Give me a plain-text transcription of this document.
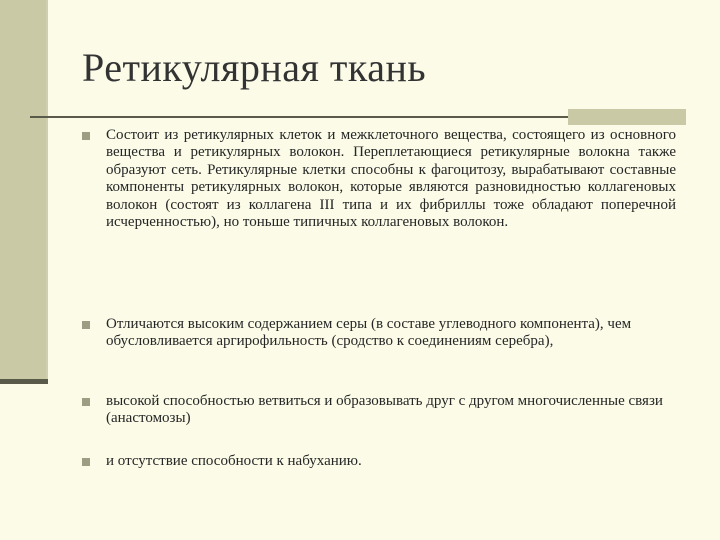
Ретикулярная ткань

Состоит из ретикулярных клеток и межклеточного вещества, состоящего из основного вещества и ретикулярных волокон. Переплетающиеся ретикулярные волокна также образуют сеть. Ретикулярные клетки способны к фагоцитозу, вырабатывают составные компоненты ретикулярных волокон, которые являются разновидностью коллагеновых волокон (состоят из коллагена III типа и их фибриллы тоже обладают поперечной исчерченностью), но тоньше типичных коллагеновых волокон.

Отличаются высоким содержанием серы (в составе углеводного компонента), чем обусловливается аргирофильность (сродство к соединениям серебра),

высокой способностью ветвиться и образовывать друг с другом многочисленные связи (анастомозы)

и отсутствие способности к набуханию.
